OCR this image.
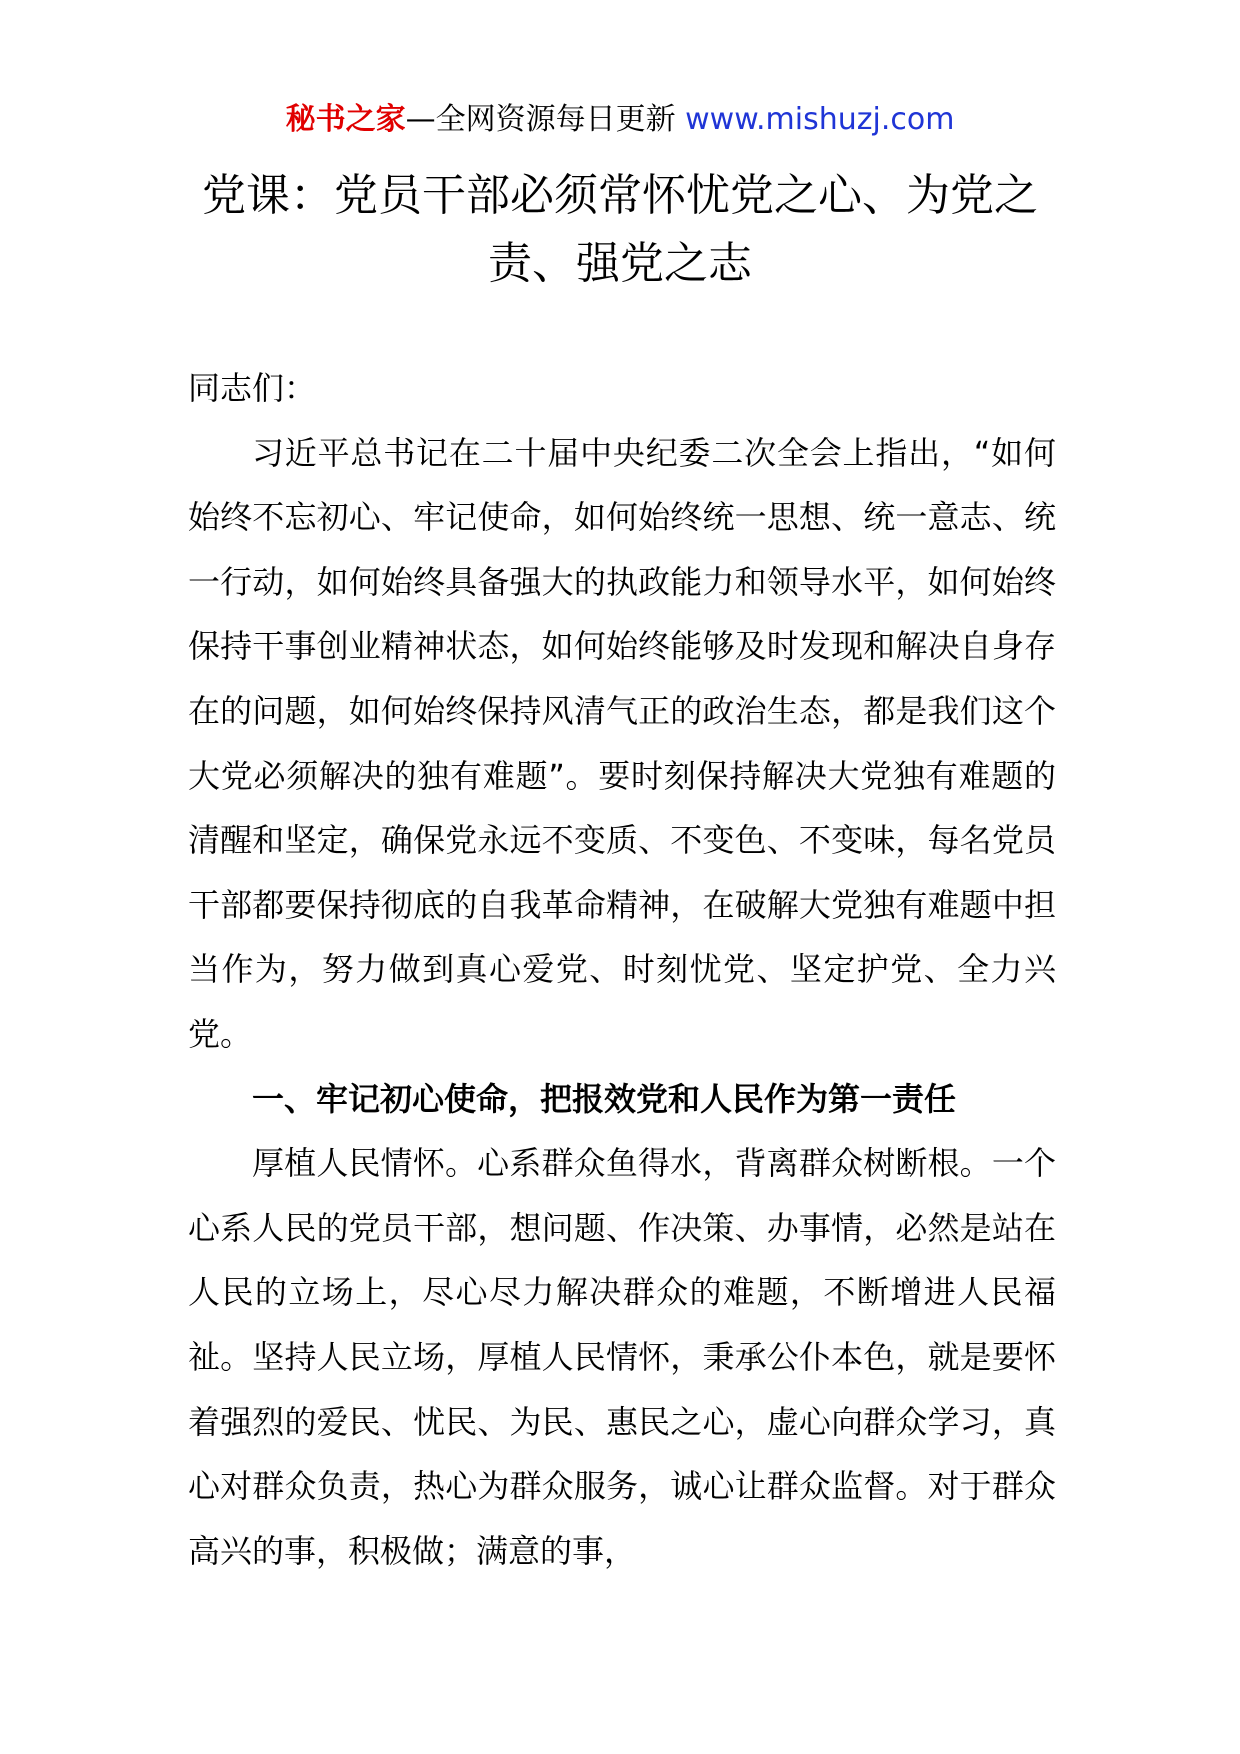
秘书之家—全网资源每日更新 www.mishuzj.com
党课：党员干部必须常怀忧党之心、为党之责、强党之志

同志们：

习近平总书记在二十届中央纪委二次全会上指出，“如何始终不忘初心、牢记使命，如何始终统一思想、统一意志、统一行动，如何始终具备强大的执政能力和领导水平，如何始终保持干事创业精神状态，如何始终能够及时发现和解决自身存在的问题，如何始终保持风清气正的政治生态，都是我们这个大党必须解决的独有难题”。要时刻保持解决大党独有难题的清醒和坚定，确保党永远不变质、不变色、不变味，每名党员干部都要保持彻底的自我革命精神，在破解大党独有难题中担当作为，努力做到真心爱党、时刻忧党、坚定护党、全力兴党。

一、牢记初心使命，把报效党和人民作为第一责任

厚植人民情怀。心系群众鱼得水，背离群众树断根。一个心系人民的党员干部，想问题、作决策、办事情，必然是站在人民的立场上，尽心尽力解决群众的难题，不断增进人民福祉。坚持人民立场，厚植人民情怀，秉承公仆本色，就是要怀着强烈的爱民、忧民、为民、惠民之心，虚心向群众学习，真心对群众负责，热心为群众服务，诚心让群众监督。对于群众高兴的事，积极做；满意的事，
